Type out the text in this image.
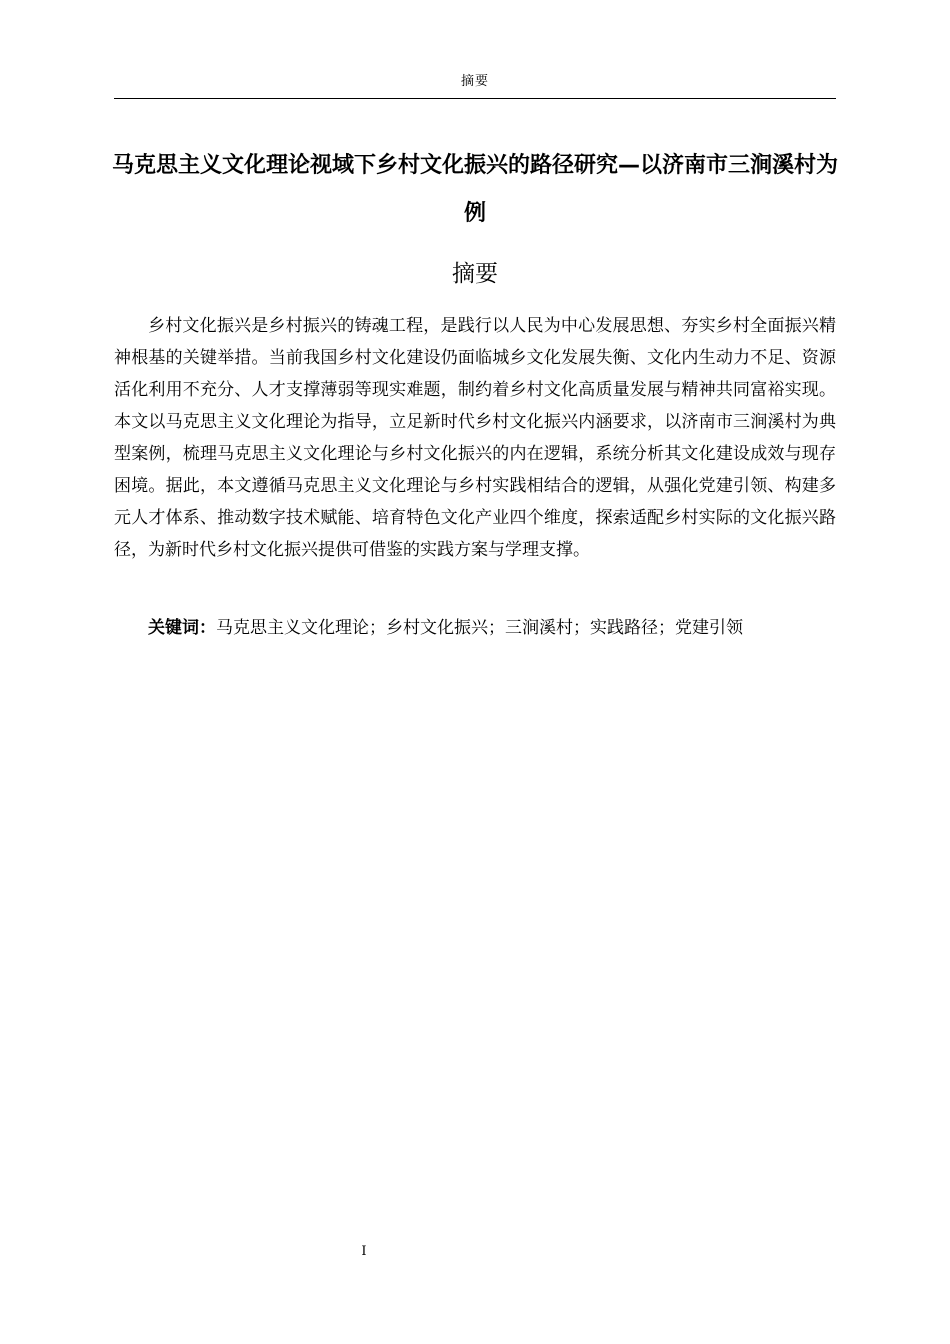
摘要
马克思主义文化理论视域下乡村文化振兴的路径研究—以济南市三涧溪村为例
摘要

乡村文化振兴是乡村振兴的铸魂工程，是践行以人民为中心发展思想、夯实乡村全面振兴精神根基的关键举措。当前我国乡村文化建设仍面临城乡文化发展失衡、文化内生动力不足、资源活化利用不充分、人才支撑薄弱等现实难题，制约着乡村文化高质量发展与精神共同富裕实现。本文以马克思主义文化理论为指导，立足新时代乡村文化振兴内涵要求，以济南市三涧溪村为典型案例，梳理马克思主义文化理论与乡村文化振兴的内在逻辑，系统分析其文化建设成效与现存困境。据此，本文遵循马克思主义文化理论与乡村实践相结合的逻辑，从强化党建引领、构建多元人才体系、推动数字技术赋能、培育特色文化产业四个维度，探索适配乡村实际的文化振兴路径，为新时代乡村文化振兴提供可借鉴的实践方案与学理支撑。

关键词：马克思主义文化理论；乡村文化振兴；三涧溪村；实践路径；党建引领

I
